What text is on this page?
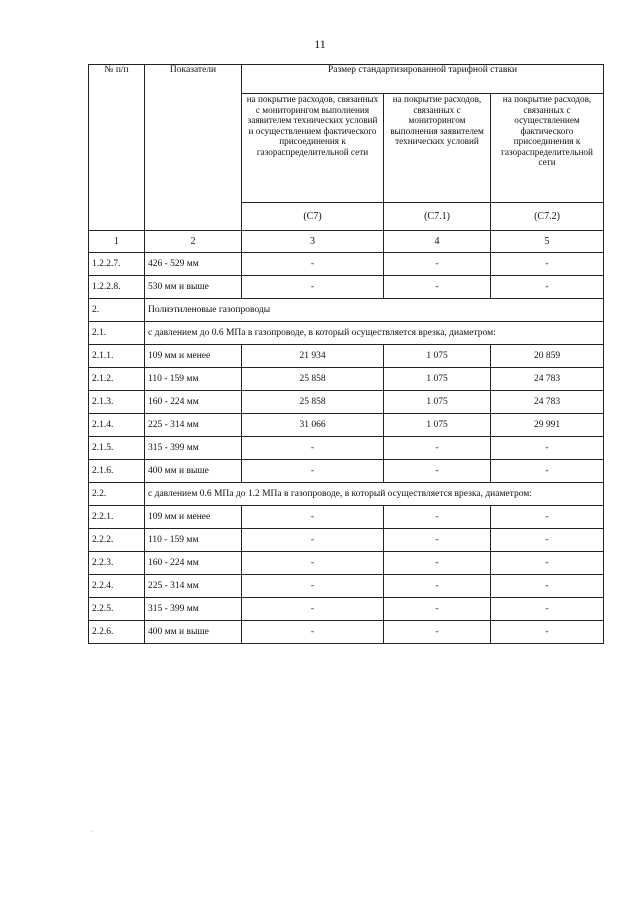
11
№ п/п	Показатели	Размер стандартизированной тарифной ставки		
		на покрытие расходов, связанных с мониторингом выполнения заявителем технических условий и осуществлением фактического присоединения к газораспределительной сети	на покрытие расходов, связанных с мониторингом выполнения заявителем технических условий	на покрытие расходов, связанных с осуществлением фактического присоединения к газораспределительной сети
		(С7)	(С7.1)	(С7.2)
1	2	3	4	5
1.2.2.7.	426 - 529 мм	-	-	-
1.2.2.8.	530 мм и выше	-	-	-
2.	Полиэтиленовые газопроводы			
2.1.	с давлением до 0.6 МПа в газопроводе, в который осуществляется врезка, диаметром:			
2.1.1.	109 мм и менее	21 934	1 075	20 859
2.1.2.	110 - 159 мм	25 858	1 075	24 783
2.1.3.	160 - 224 мм	25 858	1 075	24 783
2.1.4.	225 - 314 мм	31 066	1 075	29 991
2.1.5.	315 - 399 мм	-	-	-
2.1.6.	400 мм и выше	-	-	-
2.2.	с давлением 0.6 МПа до 1.2 МПа в газопроводе, в который осуществляется врезка, диаметром:			
2.2.1.	109 мм и менее	-	-	-
2.2.2.	110 - 159 мм	-	-	-
2.2.3.	160 - 224 мм	-	-	-
2.2.4.	225 - 314 мм	-	-	-
2.2.5.	315 - 399 мм	-	-	-
2.2.6.	400 мм и выше	-	-	-
.
